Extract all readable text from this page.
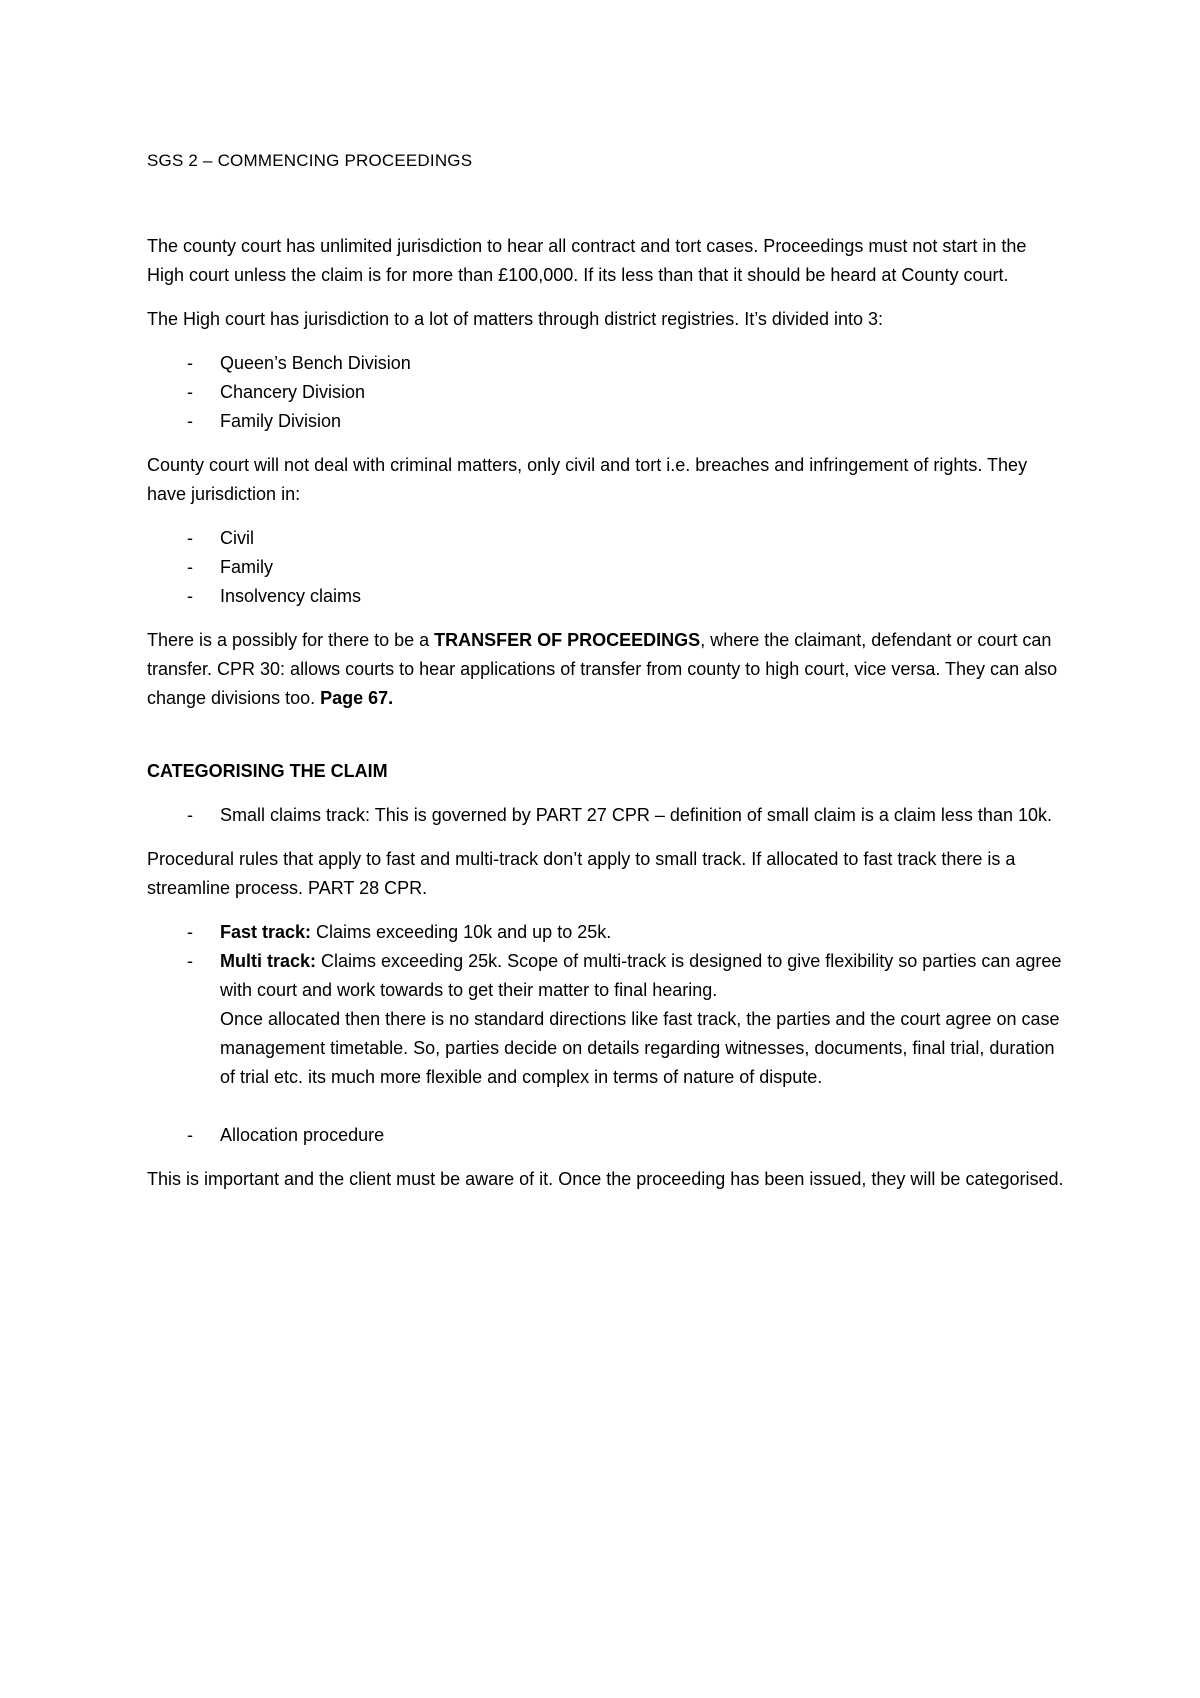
SGS 2 – COMMENCING PROCEEDINGS

The county court has unlimited jurisdiction to hear all contract and tort cases. Proceedings must not start in the High court unless the claim is for more than £100,000. If its less than that it should be heard at County court.

The High court has jurisdiction to a lot of matters through district registries. It’s divided into 3:

- Queen’s Bench Division
- Chancery Division
- Family Division

County court will not deal with criminal matters, only civil and tort i.e. breaches and infringement of rights. They have jurisdiction in:

- Civil
- Family
- Insolvency claims

There is a possibly for there to be a TRANSFER OF PROCEEDINGS, where the claimant, defendant or court can transfer. CPR 30: allows courts to hear applications of transfer from county to high court, vice versa. They can also change divisions too. Page 67.

CATEGORISING THE CLAIM
- Small claims track: This is governed by PART 27 CPR – definition of small claim is a claim less than 10k.

Procedural rules that apply to fast and multi-track don’t apply to small track. If allocated to fast track there is a streamline process. PART 28 CPR.

- Fast track: Claims exceeding 10k and up to 25k.
- Multi track: Claims exceeding 25k. Scope of multi-track is designed to give flexibility so parties can agree with court and work towards to get their matter to final hearing.
Once allocated then there is no standard directions like fast track, the parties and the court agree on case management timetable. So, parties decide on details regarding witnesses, documents, final trial, duration of trial etc. its much more flexible and complex in terms of nature of dispute.
- Allocation procedure

This is important and the client must be aware of it. Once the proceeding has been issued, they will be categorised.
